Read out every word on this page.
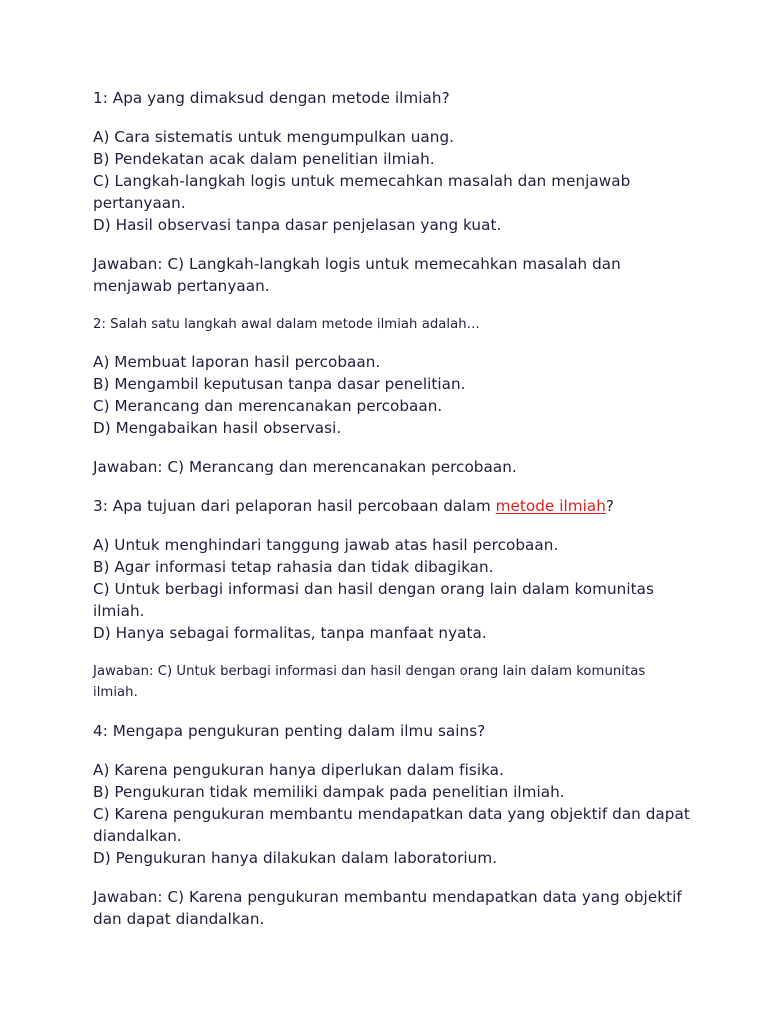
1: Apa yang dimaksud dengan metode ilmiah?

A) Cara sistematis untuk mengumpulkan uang.

B) Pendekatan acak dalam penelitian ilmiah.

C) Langkah-langkah logis untuk memecahkan masalah dan menjawab pertanyaan.

D) Hasil observasi tanpa dasar penjelasan yang kuat.

Jawaban: C) Langkah-langkah logis untuk memecahkan masalah dan menjawab pertanyaan.

2: Salah satu langkah awal dalam metode ilmiah adalah…

A) Membuat laporan hasil percobaan.

B) Mengambil keputusan tanpa dasar penelitian.

C) Merancang dan merencanakan percobaan.

D) Mengabaikan hasil observasi.

Jawaban: C) Merancang dan merencanakan percobaan.

3: Apa tujuan dari pelaporan hasil percobaan dalam metode ilmiah?

A) Untuk menghindari tanggung jawab atas hasil percobaan.

B) Agar informasi tetap rahasia dan tidak dibagikan.

C) Untuk berbagi informasi dan hasil dengan orang lain dalam komunitas ilmiah.

D) Hanya sebagai formalitas, tanpa manfaat nyata.

Jawaban: C) Untuk berbagi informasi dan hasil dengan orang lain dalam komunitas ilmiah.

4: Mengapa pengukuran penting dalam ilmu sains?

A) Karena pengukuran hanya diperlukan dalam fisika.

B) Pengukuran tidak memiliki dampak pada penelitian ilmiah.

C) Karena pengukuran membantu mendapatkan data yang objektif dan dapat diandalkan.

D) Pengukuran hanya dilakukan dalam laboratorium.

Jawaban: C) Karena pengukuran membantu mendapatkan data yang objektif dan dapat diandalkan.
